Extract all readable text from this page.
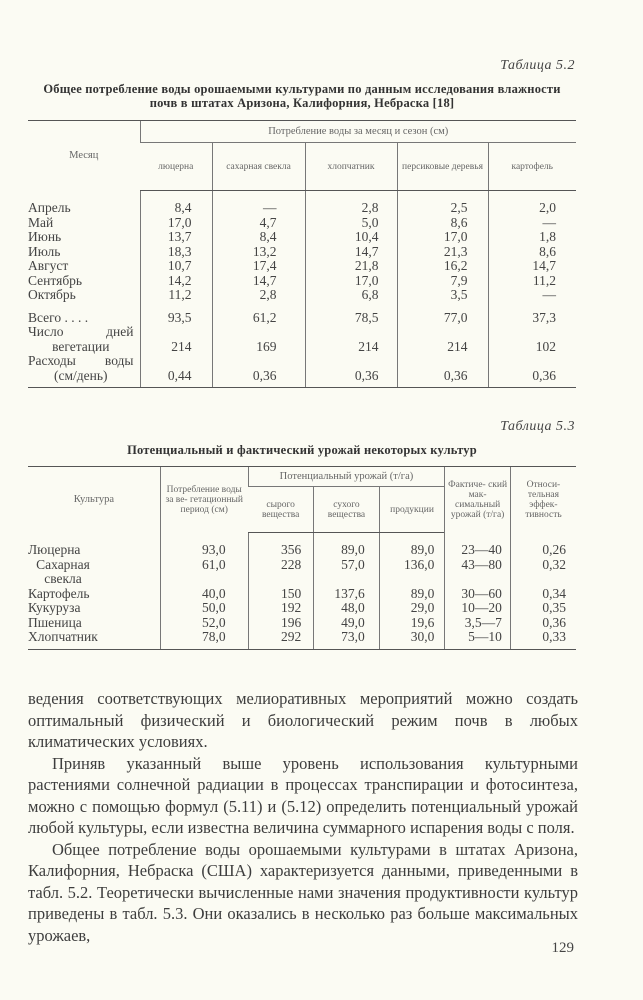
Таблица 5.2
Общее потребление воды орошаемыми культурами по данным исследования влажности почв в штатах Аризона, Калифорния, Небраска [18]
Месяц	Потребление воды за месяц и сезон (см)				
	люцерна	сахарная свекла	хлопчатник	персиковые деревья	картофель
Апрель	8,4	—	2,8	2,5	2,0
Май	17,0	4,7	5,0	8,6	—
Июнь	13,7	8,4	10,4	17,0	1,8
Июль	18,3	13,2	14,7	21,3	8,6
Август	10,7	17,4	21,8	16,2	14,7
Сентябрь	14,2	14,7	17,0	7,9	11,2
Октябрь	11,2	2,8	6,8	3,5	—
Всего . . . .	93,5	61,2	78,5	77,0	37,3

Число дней
вегетации	214	169	214	214	102

Расходы воды
(см/день)	0,44	0,36	0,36	0,36	0,36
Таблица 5.3
Потенциальный и фактический урожай некоторых культур
Культура	Потребление воды за ве- гетационный период (см)	Потенциальный урожай (т/га)			Фактиче- ский мак- симальный урожай (т/га)	Относи- тельная эффек- тивность
		сырого вещества	сухого вещества	продукции		
Люцерна	93,0	356	89,0	89,0	23—40	0,26

Сахарная свекла	61,0	228	57,0	136,0	43—80	0,32
Картофель	40,0	150	137,6	89,0	30—60	0,34
Кукуруза	50,0	192	48,0	29,0	10—20	0,35
Пшеница	52,0	196	49,0	19,6	3,5—7	0,36
Хлопчатник	78,0	292	73,0	30,0	5—10	0,33

ведения соответствующих мелиоративных мероприятий можно создать оптимальный физический и биологический режим почв в любых климатических условиях.

Приняв указанный выше уровень использования культурными растениями солнечной радиации в процессах транспирации и фотосинтеза, можно с помощью формул (5.11) и (5.12) определить потенциальный урожай любой культуры, если известна величина суммарного испарения воды с поля.

Общее потребление воды орошаемыми культурами в штатах Аризона, Калифорния, Небраска (США) характеризуется данными, приведенными в табл. 5.2. Теоретически вычисленные нами значения продуктивности культур приведены в табл. 5.3. Они оказались в несколько раз больше максимальных урожаев,

129
